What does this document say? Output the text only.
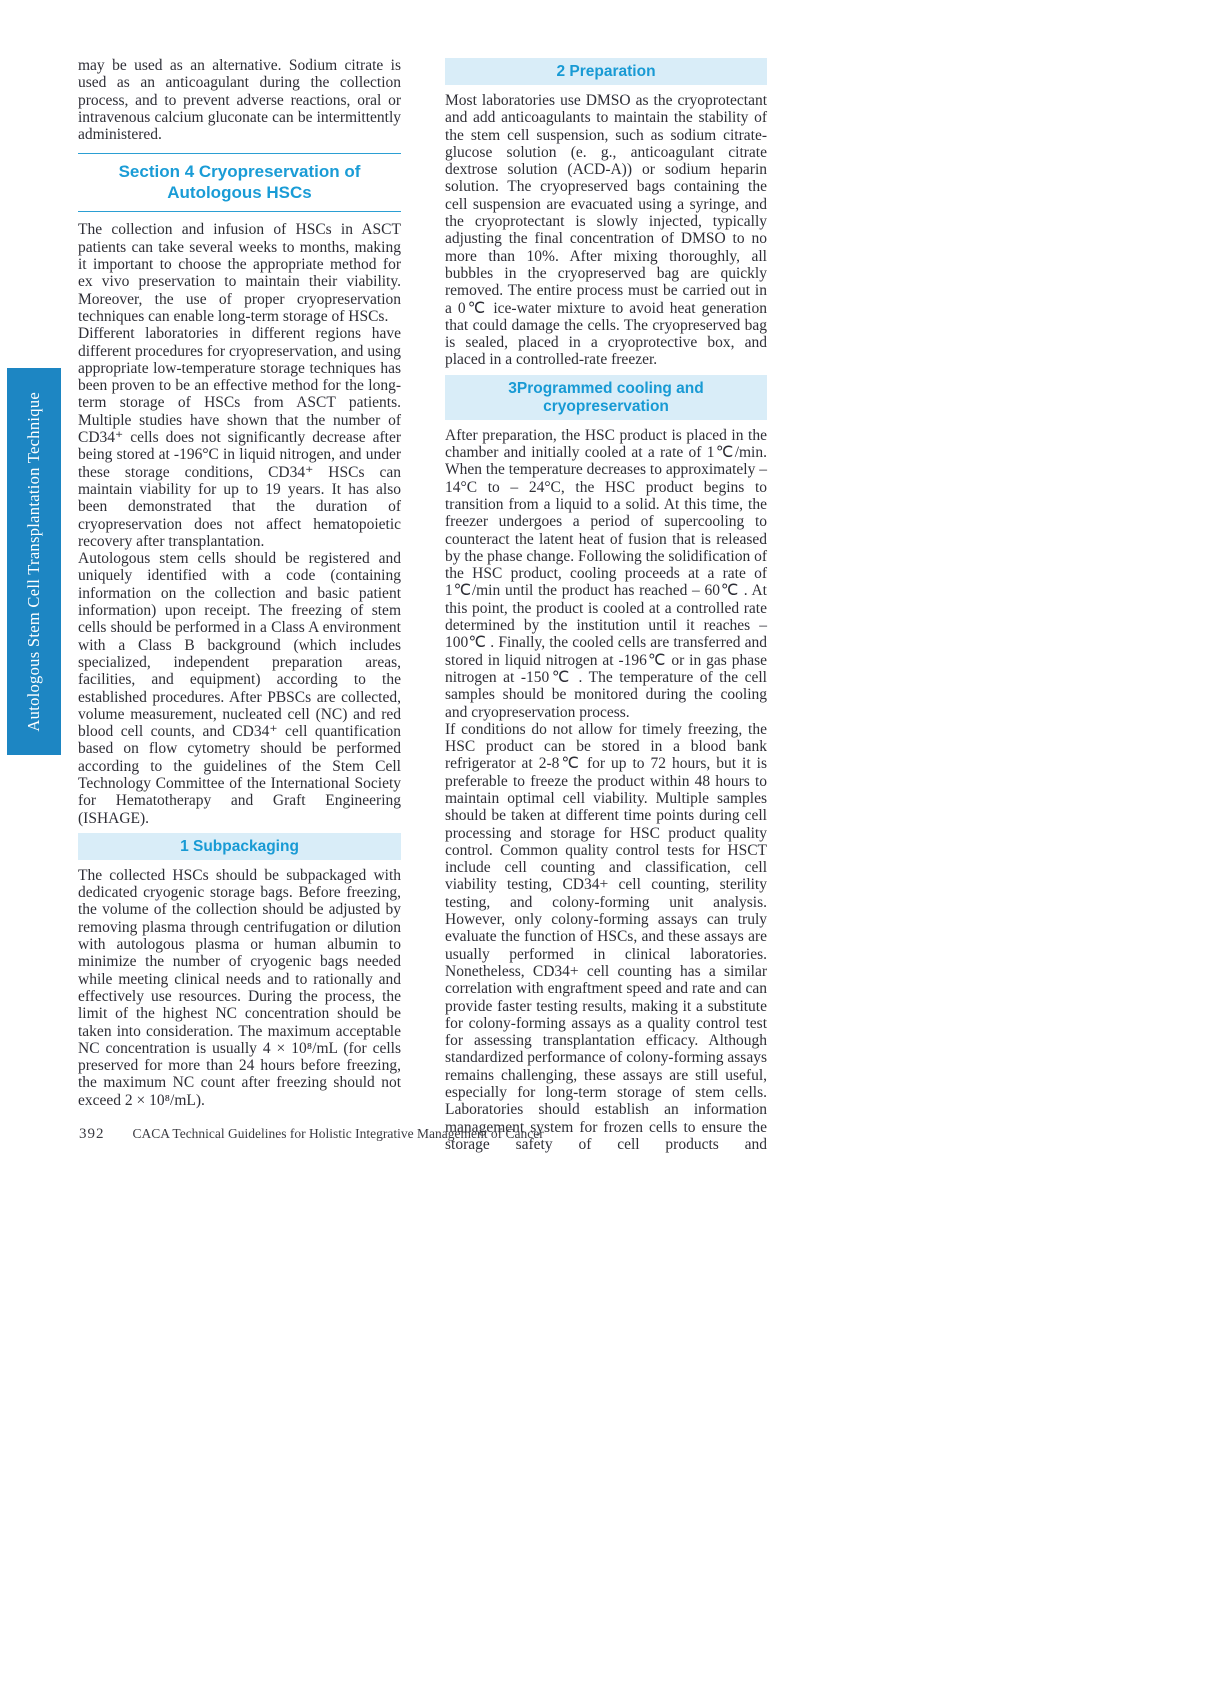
Autologous Stem Cell Transplantation Technique

may be used as an alternative. Sodium citrate is used as an anticoagulant during the collection process, and to prevent adverse reactions, oral or intravenous calcium gluconate can be intermittently administered.

Section 4 Cryopreservation of Autologous HSCs

The collection and infusion of HSCs in ASCT patients can take several weeks to months, making it important to choose the appropriate method for ex vivo preservation to maintain their viability. Moreover, the use of proper cryopreservation techniques can enable long-term storage of HSCs.

Different laboratories in different regions have different procedures for cryopreservation, and using appropriate low-temperature storage techniques has been proven to be an effective method for the long-term storage of HSCs from ASCT patients. Multiple studies have shown that the number of CD34⁺ cells does not significantly decrease after being stored at -196°C in liquid nitrogen, and under these storage conditions, CD34⁺ HSCs can maintain viability for up to 19 years. It has also been demonstrated that the duration of cryopreservation does not affect hematopoietic recovery after transplantation.

Autologous stem cells should be registered and uniquely identified with a code (containing information on the collection and basic patient information) upon receipt. The freezing of stem cells should be performed in a Class A environment with a Class B background (which includes specialized, independent preparation areas, facilities, and equipment) according to the established procedures. After PBSCs are collected, volume measurement, nucleated cell (NC) and red blood cell counts, and CD34⁺ cell quantification based on flow cytometry should be performed according to the guidelines of the Stem Cell Technology Committee of the International Society for Hematotherapy and Graft Engineering (ISHAGE).

1 Subpackaging

The collected HSCs should be subpackaged with dedicated cryogenic storage bags. Before freezing, the volume of the collection should be adjusted by removing plasma through centrifugation or dilution with autologous plasma or human albumin to minimize the number of cryogenic bags needed while meeting clinical needs and to rationally and effectively use resources. During the process, the limit of the highest NC concentration should be taken into consideration. The maximum acceptable NC concentration is usually 4 × 10⁸/mL (for cells preserved for more than 24 hours before freezing, the maximum NC count after freezing should not exceed 2 × 10⁸/mL).

2 Preparation

Most laboratories use DMSO as the cryoprotectant and add anticoagulants to maintain the stability of the stem cell suspension, such as sodium citrate-glucose solution (e. g., anticoagulant citrate dextrose solution (ACD-A)) or sodium heparin solution. The cryopreserved bags containing the cell suspension are evacuated using a syringe, and the cryoprotectant is slowly injected, typically adjusting the final concentration of DMSO to no more than 10%. After mixing thoroughly, all bubbles in the cryopreserved bag are quickly removed. The entire process must be carried out in a 0℃ ice-water mixture to avoid heat generation that could damage the cells. The cryopreserved bag is sealed, placed in a cryoprotective box, and placed in a controlled-rate freezer.

3Programmed cooling and cryopreservation

After preparation, the HSC product is placed in the chamber and initially cooled at a rate of 1℃/min. When the temperature decreases to approximately – 14°C to – 24°C, the HSC product begins to transition from a liquid to a solid. At this time, the freezer undergoes a period of supercooling to counteract the latent heat of fusion that is released by the phase change. Following the solidification of the HSC product, cooling proceeds at a rate of 1℃/min until the product has reached – 60℃ . At this point, the product is cooled at a controlled rate determined by the institution until it reaches – 100℃ . Finally, the cooled cells are transferred and stored in liquid nitrogen at -196℃ or in gas phase nitrogen at -150℃ . The temperature of the cell samples should be monitored during the cooling and cryopreservation process.

If conditions do not allow for timely freezing, the HSC product can be stored in a blood bank refrigerator at 2-8℃ for up to 72 hours, but it is preferable to freeze the product within 48 hours to maintain optimal cell viability. Multiple samples should be taken at different time points during cell processing and storage for HSC product quality control. Common quality control tests for HSCT include cell counting and classification, cell viability testing, CD34+ cell counting, sterility testing, and colony-forming unit analysis. However, only colony-forming assays can truly evaluate the function of HSCs, and these assays are usually performed in clinical laboratories. Nonetheless, CD34+ cell counting has a similar correlation with engraftment speed and rate and can provide faster testing results, making it a substitute for colony-forming assays as a quality control test for assessing transplantation efficacy. Although standardized performance of colony-forming assays remains challenging, these assays are still useful, especially for long-term storage of stem cells. Laboratories should establish an information management system for frozen cells to ensure the storage safety of cell products and

392 CACA Technical Guidelines for Holistic Integrative Management of Cancer
